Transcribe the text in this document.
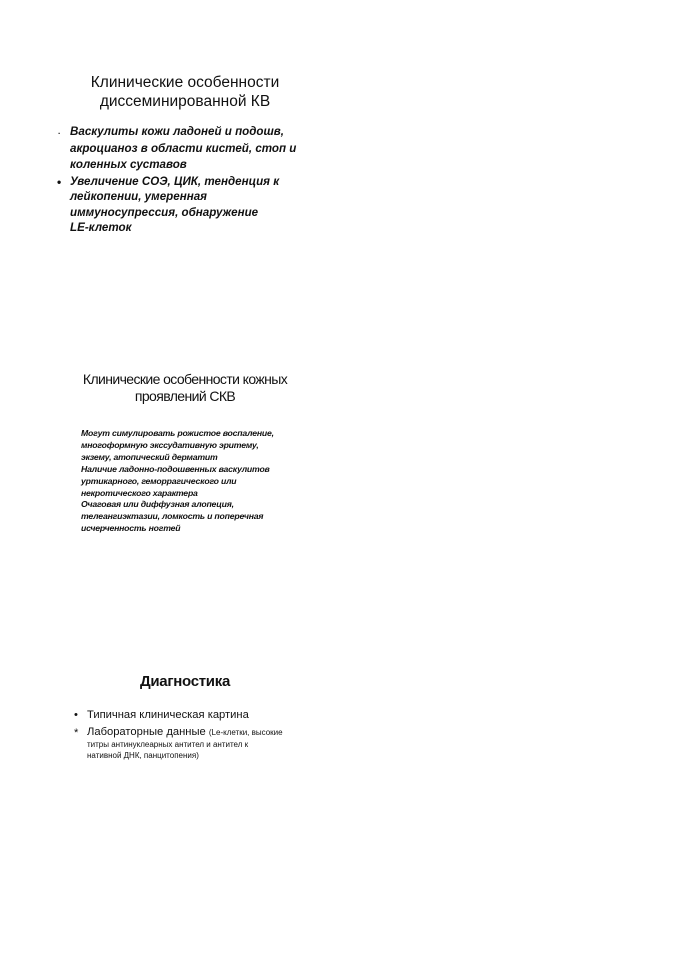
Клинические особенности
диссеминированной КВ
· Васкулиты кожи ладоней и подошв,
акроцианоз в области кистей, стоп и
коленных суставов
• Увеличение СОЭ, ЦИК, тенденция к
лейкопении, умеренная
иммуносупрессия, обнаружение
LE-клеток
Клинические особенности кожных
проявлений СКВ
Могут симулировать рожистое воспаление,
многоформную экссудативную эритему,
экзему, атопический дерматит
Наличие ладонно-подошвенных васкулитов
уртикарного, геморрагического или
некротического характера
Очаговая или диффузная алопеция,
телеангиэктазии, ломкость и поперечная
исчерченность ногтей
Диагностика
• Типичная клиническая картина
* Лабораторные данные (Le-клетки, высокие
титры антинуклеарных антител и антител к
нативной ДНК, панцитопения)
